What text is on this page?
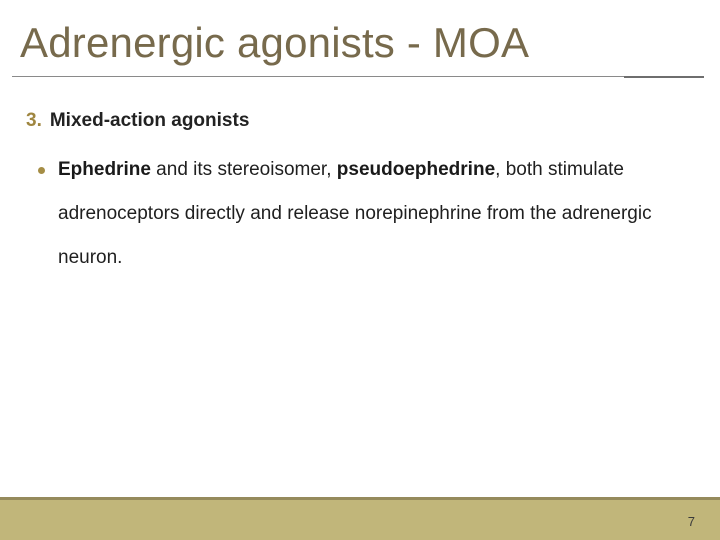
Adrenergic agonists - MOA
3. Mixed-action agonists
Ephedrine and its stereoisomer, pseudoephedrine, both stimulate adrenoceptors directly and release norepinephrine from the adrenergic neuron.
7
